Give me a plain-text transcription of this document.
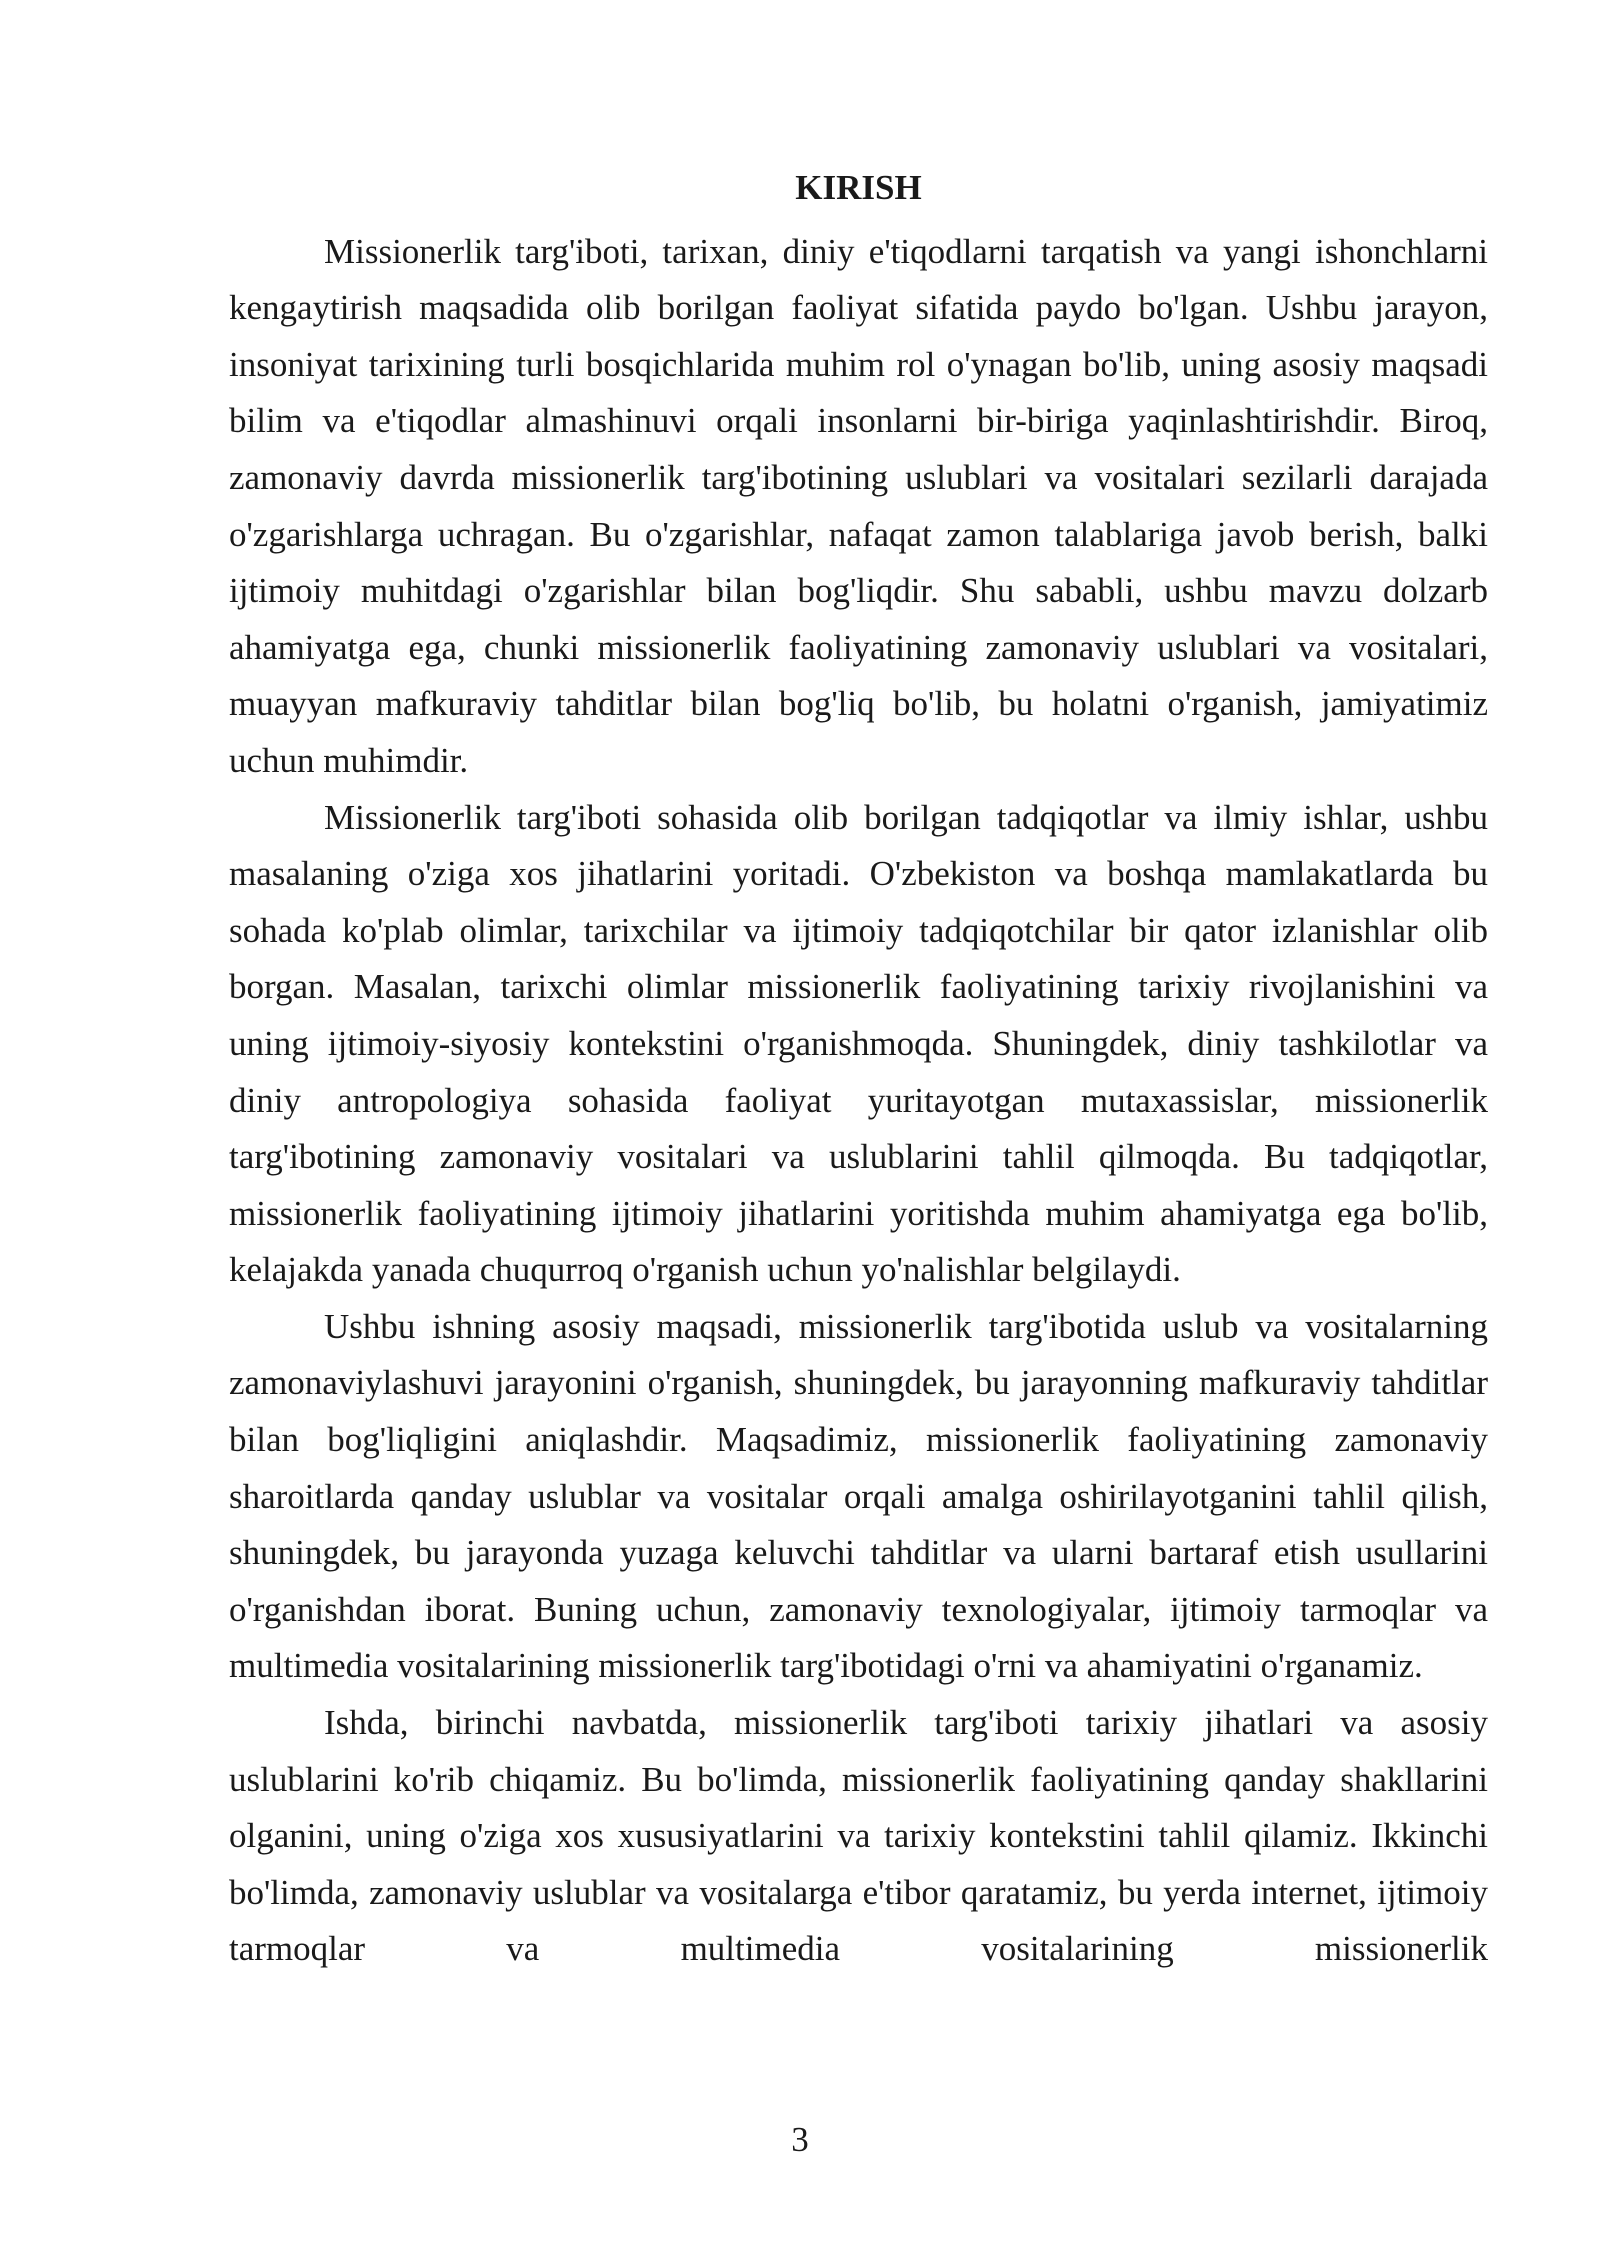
KIRISH

Missionerlik targ'iboti, tarixan, diniy e'tiqodlarni tarqatish va yangi ishonchlarni kengaytirish maqsadida olib borilgan faoliyat sifatida paydo bo'lgan. Ushbu jarayon, insoniyat tarixining turli bosqichlarida muhim rol o'ynagan bo'lib, uning asosiy maqsadi bilim va e'tiqodlar almashinuvi orqali insonlarni bir-biriga yaqinlashtirishdir. Biroq, zamonaviy davrda missionerlik targ'ibotining uslublari va vositalari sezilarli darajada o'zgarishlarga uchragan. Bu o'zgarishlar, nafaqat zamon talablariga javob berish, balki ijtimoiy muhitdagi o'zgarishlar bilan bog'liqdir. Shu sababli, ushbu mavzu dolzarb ahamiyatga ega, chunki missionerlik faoliyatining zamonaviy uslublari va vositalari, muayyan mafkuraviy tahditlar bilan bog'liq bo'lib, bu holatni o'rganish, jamiyatimiz uchun muhimdir.

Missionerlik targ'iboti sohasida olib borilgan tadqiqotlar va ilmiy ishlar, ushbu masalaning o'ziga xos jihatlarini yoritadi. O'zbekiston va boshqa mamlakatlarda bu sohada ko'plab olimlar, tarixchilar va ijtimoiy tadqiqotchilar bir qator izlanishlar olib borgan. Masalan, tarixchi olimlar missionerlik faoliyatining tarixiy rivojlanishini va uning ijtimoiy-siyosiy kontekstini o'rganishmoqda. Shuningdek, diniy tashkilotlar va diniy antropologiya sohasida faoliyat yuritayotgan mutaxassislar, missionerlik targ'ibotining zamonaviy vositalari va uslublarini tahlil qilmoqda. Bu tadqiqotlar, missionerlik faoliyatining ijtimoiy jihatlarini yoritishda muhim ahamiyatga ega bo'lib, kelajakda yanada chuqurroq o'rganish uchun yo'nalishlar belgilaydi.

Ushbu ishning asosiy maqsadi, missionerlik targ'ibotida uslub va vositalarning zamonaviylashuvi jarayonini o'rganish, shuningdek, bu jarayonning mafkuraviy tahditlar bilan bog'liqligini aniqlashdir. Maqsadimiz, missionerlik faoliyatining zamonaviy sharoitlarda qanday uslublar va vositalar orqali amalga oshirilayotganini tahlil qilish, shuningdek, bu jarayonda yuzaga keluvchi tahditlar va ularni bartaraf etish usullarini o'rganishdan iborat. Buning uchun, zamonaviy texnologiyalar, ijtimoiy tarmoqlar va multimedia vositalarining missionerlik targ'ibotidagi o'rni va ahamiyatini o'rganamiz.

Ishda, birinchi navbatda, missionerlik targ'iboti tarixiy jihatlari va asosiy uslublarini ko'rib chiqamiz. Bu bo'limda, missionerlik faoliyatining qanday shakllarini olganini, uning o'ziga xos xususiyatlarini va tarixiy kontekstini tahlil qilamiz. Ikkinchi bo'limda, zamonaviy uslublar va vositalarga e'tibor qaratamiz, bu yerda internet, ijtimoiy tarmoqlar va multimedia vositalarining missionerlik

3
